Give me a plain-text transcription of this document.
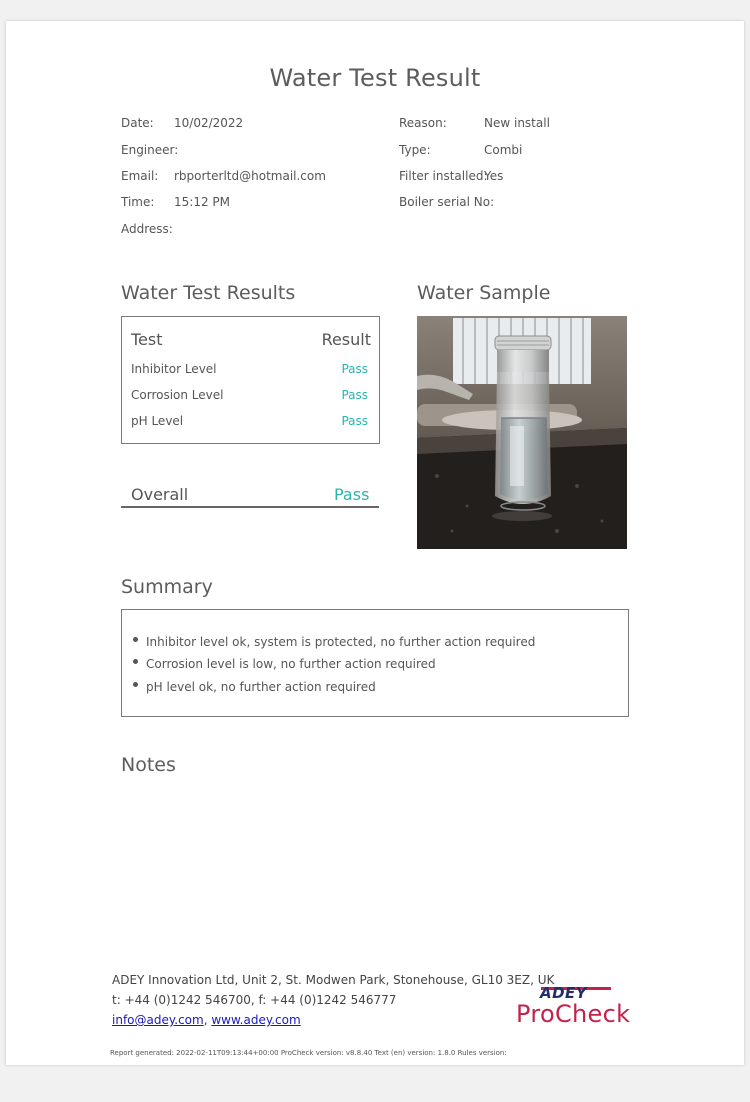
Water Test Result
Date: 10/02/2022
Engineer:
Email: rbporterltd@hotmail.com
Time: 15:12 PM
Address:
Reason:	New install
Type:	Combi
Filter installed:
Yes
Boiler serial No:
Water Test Results
Test	Result
Inhibitor Level	Pass
Corrosion Level	Pass
pH Level	Pass
Overall	Pass
Water Sample
Summary
Inhibitor level ok, system is protected, no further action required
Corrosion level is low, no further action required
pH level ok, no further action required
Notes
ADEY Innovation Ltd, Unit 2, St. Modwen Park, Stonehouse, GL10 3EZ, UK
t: +44 (0)1242 546700, f: +44 (0)1242 546777
info@adey.com, www.adey.com
Report generated: 2022-02-11T09:13:44+00:00 ProCheck version: v8.8.40 Text (en) version: 1.8.0 Rules version:
ADEY
ProCheck
